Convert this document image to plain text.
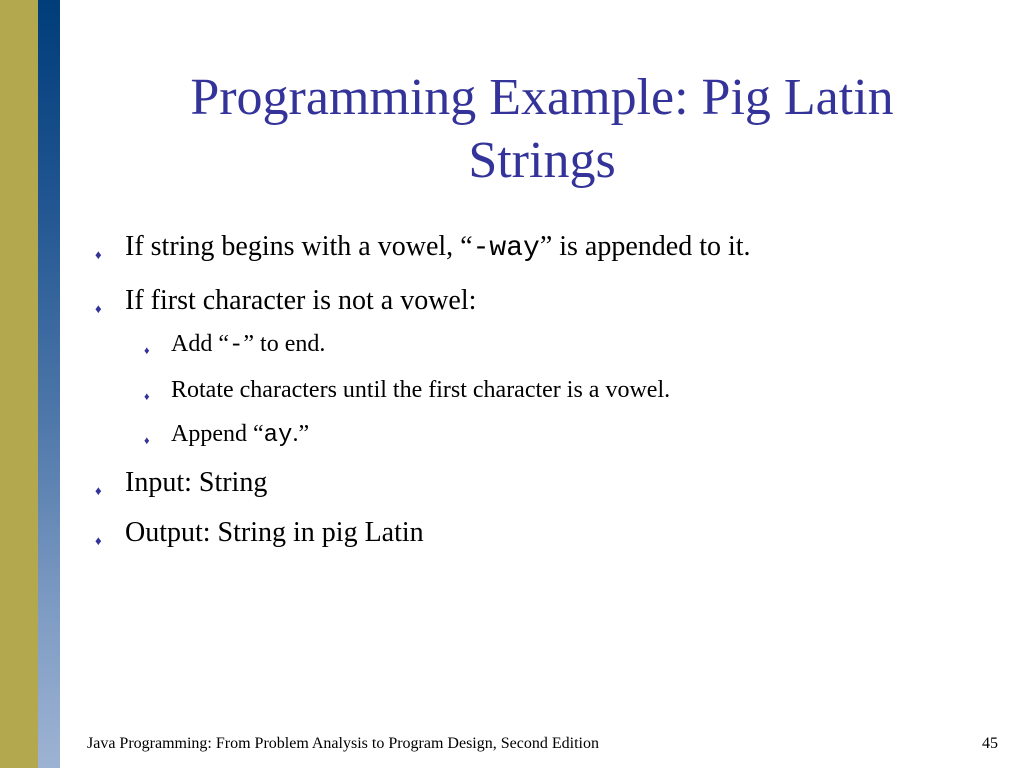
Programming Example: Pig Latin
Strings
♦ If string begins with a vowel, “ -way ” is appended to it.
♦ If first character is not a vowel:
♦ Add “ - ” to end.
♦ Rotate characters until the first character is a vowel.
♦ Append “ ay .”
♦ Input: String
♦ Output: String in pig Latin
Java Programming: From Problem Analysis to Program Design, Second Edition	45
